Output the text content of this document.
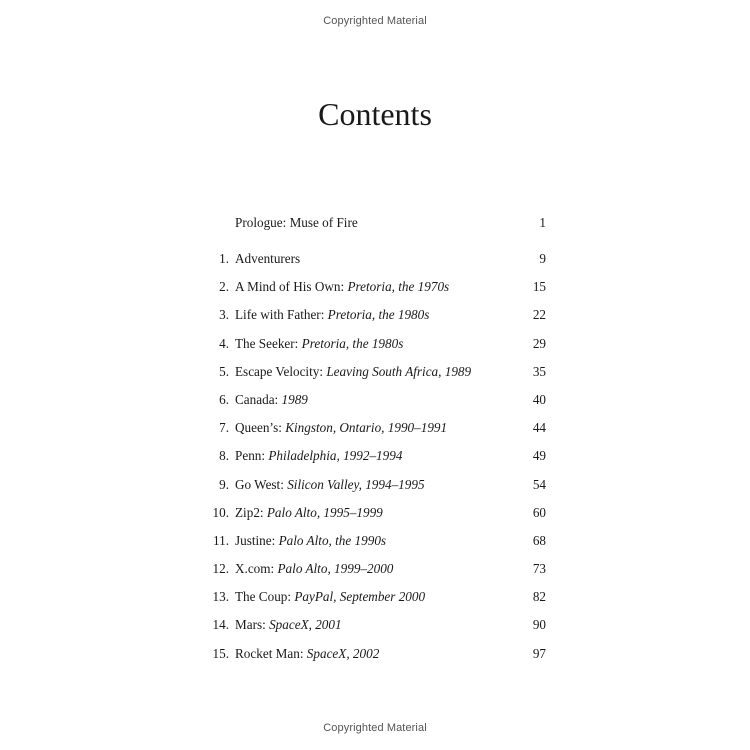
Copyrighted Material
Contents
Prologue: Muse of Fire	1
1. Adventurers	9
2. A Mind of His Own: Pretoria, the 1970s	15
3. Life with Father: Pretoria, the 1980s	22
4. The Seeker: Pretoria, the 1980s	29
5. Escape Velocity: Leaving South Africa, 1989	35
6. Canada: 1989	40
7. Queen’s: Kingston, Ontario, 1990–1991	44
8. Penn: Philadelphia, 1992–1994	49
9. Go West: Silicon Valley, 1994–1995	54
10. Zip2: Palo Alto, 1995–1999	60
11. Justine: Palo Alto, the 1990s	68
12. X.com: Palo Alto, 1999–2000	73
13. The Coup: PayPal, September 2000	82
14. Mars: SpaceX, 2001	90
15. Rocket Man: SpaceX, 2002	97
Copyrighted Material
